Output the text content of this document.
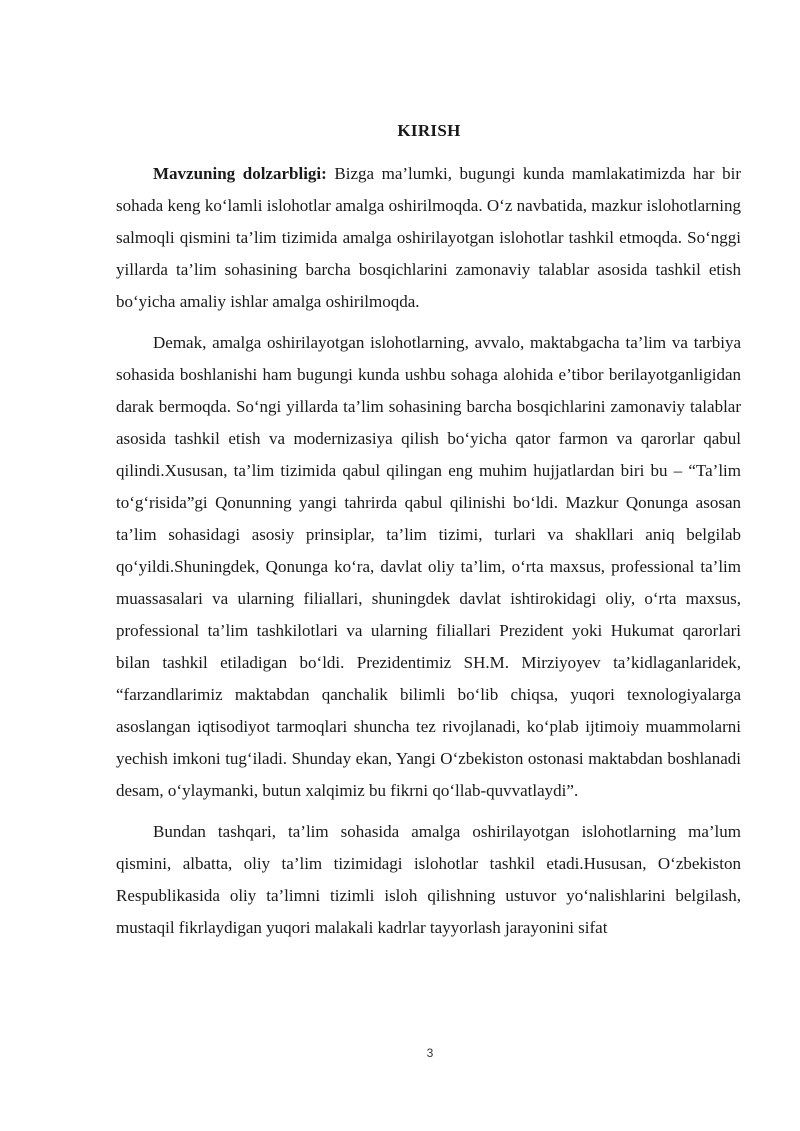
KIRISH

Mavzuning dolzarbligi: Bizga ma’lumki, bugungi kunda mamlakatimizda har bir sohada keng ko‘lamli islohotlar amalga oshirilmoqda. O‘z navbatida, mazkur islohotlarning salmoqli qismini ta’lim tizimida amalga oshirilayotgan islohotlar tashkil etmoqda. So‘nggi yillarda ta’lim sohasining barcha bosqichlarini zamonaviy talablar asosida tashkil etish bo‘yicha amaliy ishlar amalga oshirilmoqda.

Demak, amalga oshirilayotgan islohotlarning, avvalo, maktabgacha ta’lim va tarbiya sohasida boshlanishi ham bugungi kunda ushbu sohaga alohida e’tibor berilayotganligidan darak bermoqda. So‘ngi yillarda ta’lim sohasining barcha bosqichlarini zamonaviy talablar asosida tashkil etish va modernizasiya qilish bo‘yicha qator farmon va qarorlar qabul qilindi.Xususan, ta’lim tizimida qabul qilingan eng muhim hujjatlardan biri bu – “Ta’lim to‘g‘risida”gi Qonunning yangi tahrirda qabul qilinishi bo‘ldi. Mazkur Qonunga asosan ta’lim sohasidagi asosiy prinsiplar, ta’lim tizimi, turlari va shakllari aniq belgilab qo‘yildi.Shuningdek, Qonunga ko‘ra, davlat oliy ta’lim, o‘rta maxsus, professional ta’lim muassasalari va ularning filiallari, shuningdek davlat ishtirokidagi oliy, o‘rta maxsus, professional ta’lim tashkilotlari va ularning filiallari Prezident yoki Hukumat qarorlari bilan tashkil etiladigan bo‘ldi. Prezidentimiz SH.M. Mirziyoyev ta’kidlaganlaridek, “farzandlarimiz maktabdan qanchalik bilimli bo‘lib chiqsa, yuqori texnologiyalarga asoslangan iqtisodiyot tarmoqlari shuncha tez rivojlanadi, ko‘plab ijtimoiy muammolarni yechish imkoni tug‘iladi. Shunday ekan, Yangi O‘zbekiston ostonasi maktabdan boshlanadi desam, o‘ylaymanki, butun xalqimiz bu fikrni qo‘llab-quvvatlaydi”.

Bundan tashqari, ta’lim sohasida amalga oshirilayotgan islohotlarning ma’lum qismini, albatta, oliy ta’lim tizimidagi islohotlar tashkil etadi.Hususan, O‘zbekiston Respublikasida oliy ta’limni tizimli isloh qilishning ustuvor yo‘nalishlarini belgilash, mustaqil fikrlaydigan yuqori malakali kadrlar tayyorlash jarayonini sifat

3
